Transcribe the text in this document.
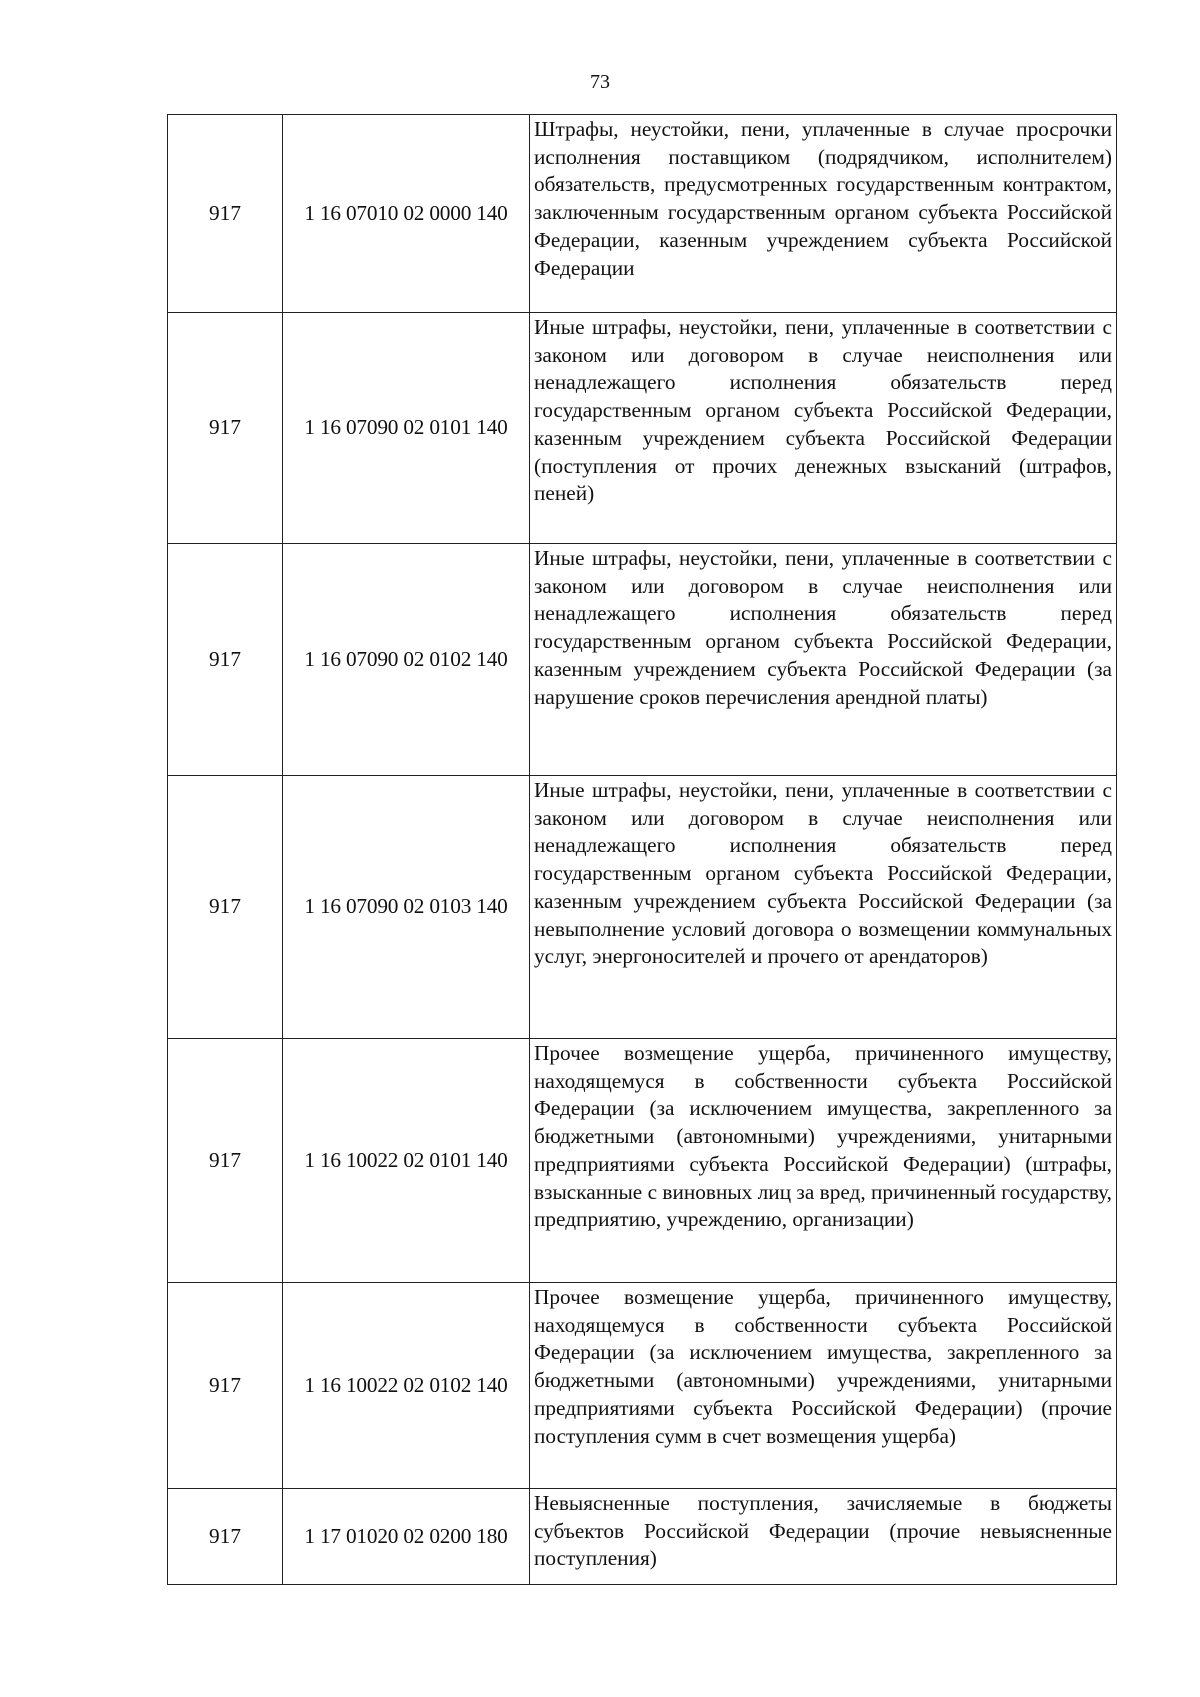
73
917	1 16 07010 02 0000 140	Штрафы, неустойки, пени, уплаченные в случае просрочки исполнения поставщиком (подрядчиком, исполнителем) обязательств, предусмотренных государственным контрактом, заключенным государственным органом субъекта Российской Федерации, казенным учреждением субъекта Российской Федерации
917	1 16 07090 02 0101 140	Иные штрафы, неустойки, пени, уплаченные в соответствии с законом или договором в случае неисполнения или ненадлежащего исполнения обязательств перед государственным органом субъекта Российской Федерации, казенным учреждением субъекта Российской Федерации (поступления от прочих денежных взысканий (штрафов, пеней)
917	1 16 07090 02 0102 140	Иные штрафы, неустойки, пени, уплаченные в соответствии с законом или договором в случае неисполнения или ненадлежащего исполнения обязательств перед государственным органом субъекта Российской Федерации, казенным учреждением субъекта Российской Федерации (за нарушение сроков перечисления арендной платы)
917	1 16 07090 02 0103 140	Иные штрафы, неустойки, пени, уплаченные в соответствии с законом или договором в случае неисполнения или ненадлежащего исполнения обязательств перед государственным органом субъекта Российской Федерации, казенным учреждением субъекта Российской Федерации (за невыполнение условий договора о возмещении коммунальных услуг, энергоносителей и прочего от арендаторов)
917	1 16 10022 02 0101 140	Прочее возмещение ущерба, причиненного имуществу, находящемуся в собственности субъекта Российской Федерации (за исключением имущества, закрепленного за бюджетными (автономными) учреждениями, унитарными предприятиями субъекта Российской Федерации) (штрафы, взысканные с виновных лиц за вред, причиненный государству, предприятию, учреждению, организации)
917	1 16 10022 02 0102 140	Прочее возмещение ущерба, причиненного имуществу, находящемуся в собственности субъекта Российской Федерации (за исключением имущества, закрепленного за бюджетными (автономными) учреждениями, унитарными предприятиями субъекта Российской Федерации) (прочие поступления сумм в счет возмещения ущерба)
917	1 17 01020 02 0200 180	Невыясненные поступления, зачисляемые в бюджеты субъектов Российской Федерации (прочие невыясненные поступления)
